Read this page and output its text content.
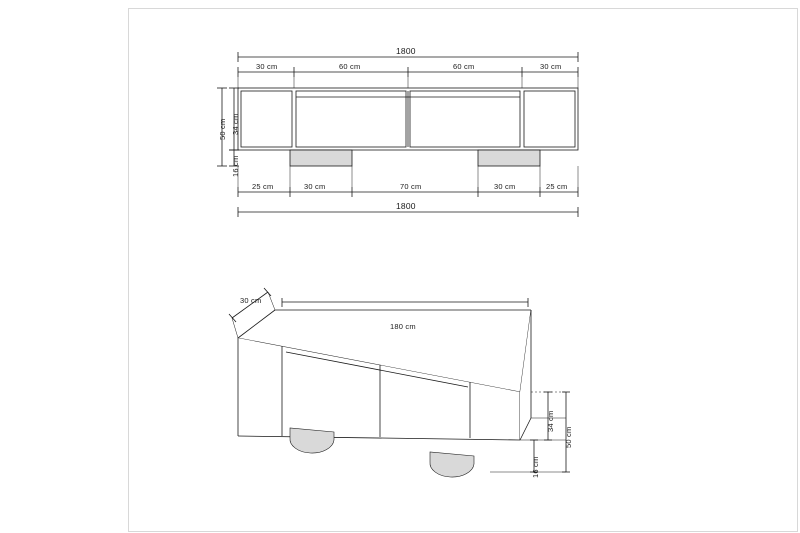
1800
30 cm	60 cm	60 cm	30 cm
50 cm 34 cm
16 cm
25 cm	30 cm	70 cm	30 cm	25 cm
1800
30 cm
180 cm
34 cm
50 cm
16 cm
